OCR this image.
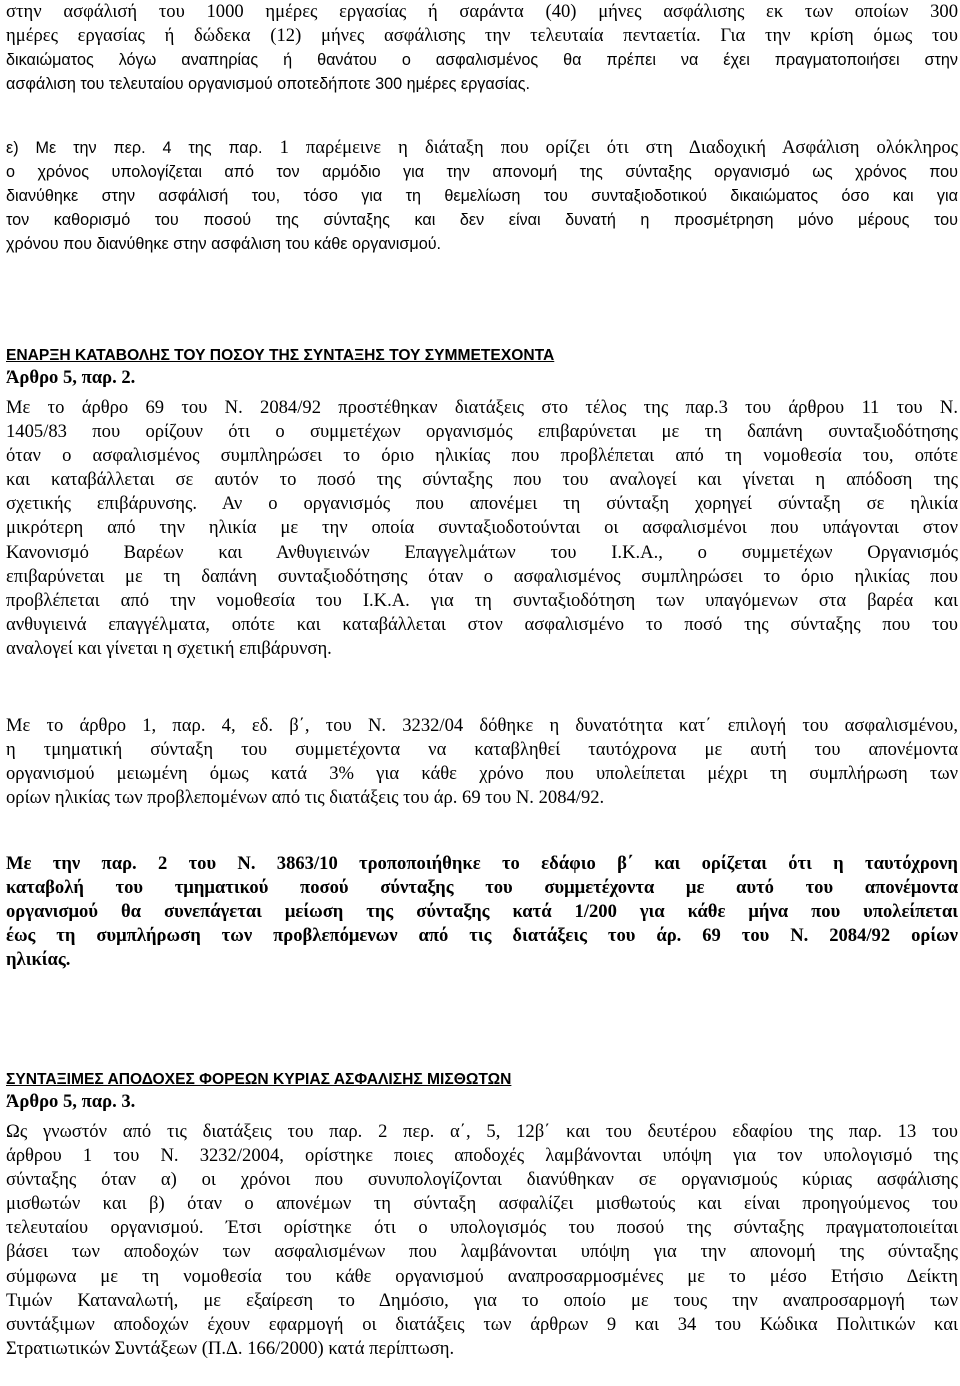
στην ασφάλισή του 1000 ημέρες εργασίας ή σαράντα (40) μήνες ασφάλισης εκ των οποίων 300
ημέρες εργασίας ή δώδεκα (12) μήνες ασφάλισης την τελευταία πενταετία. Για την κρίση όμως του
δικαιώματος λόγω αναπηρίας ή θανάτου ο ασφαλισμένος θα πρέπει να έχει πραγματοποιήσει στην
ασφάλιση του τελευταίου οργανισμού οποτεδήποτε 300 ημέρες εργασίας.
ε) Με την περ. 4 της παρ. 1 παρέμεινε η διάταξη που ορίζει ότι στη Διαδοχική Ασφάλιση ολόκληρος
ο χρόνος υπολογίζεται από τον αρμόδιο για την απονομή της σύνταξης οργανισμό ως χρόνος που
διανύθηκε στην ασφάλισή του, τόσο για τη θεμελίωση του συνταξιοδοτικού δικαιώματος όσο και για
τον καθορισμό του ποσού της σύνταξης και δεν είναι δυνατή η προσμέτρηση μόνο μέρους του
χρόνου που διανύθηκε στην ασφάλιση του κάθε οργανισμού.
ΕΝΑΡΞΗ ΚΑΤΑΒΟΛΗΣ ΤΟΥ ΠΟΣΟΥ ΤΗΣ ΣΥΝΤΑΞΗΣ ΤΟΥ ΣΥΜΜΕΤΕΧΟΝΤΑ
Άρθρο 5, παρ. 2.
Με το άρθρο 69 του Ν. 2084/92 προστέθηκαν διατάξεις στο τέλος της παρ.3 του άρθρου 11 του Ν.
1405/83 που ορίζουν ότι ο συμμετέχων οργανισμός επιβαρύνεται με τη δαπάνη συνταξιοδότησης
όταν ο ασφαλισμένος συμπληρώσει το όριο ηλικίας που προβλέπεται από τη νομοθεσία του, οπότε
και καταβάλλεται σε αυτόν το ποσό της σύνταξης που του αναλογεί και γίνεται η απόδοση της
σχετικής επιβάρυνσης. Αν ο οργανισμός που απονέμει τη σύνταξη χορηγεί σύνταξη σε ηλικία
μικρότερη από την ηλικία με την οποία συνταξιοδοτούνται οι ασφαλισμένοι που υπάγονται στον
Κανονισμό Βαρέων και Ανθυγιεινών Επαγγελμάτων του Ι.Κ.Α., ο συμμετέχων Οργανισμός
επιβαρύνεται με τη δαπάνη συνταξιοδότησης όταν ο ασφαλισμένος συμπληρώσει το όριο ηλικίας που
προβλέπεται από την νομοθεσία του Ι.Κ.Α. για τη συνταξιοδότηση των υπαγόμενων στα βαρέα και
ανθυγιεινά επαγγέλματα, οπότε και καταβάλλεται στον ασφαλισμένο το ποσό της σύνταξης που του
αναλογεί και γίνεται η σχετική επιβάρυνση.
Με το άρθρο 1, παρ. 4, εδ. β΄, του Ν. 3232/04 δόθηκε η δυνατότητα κατ΄ επιλογή του ασφαλισμένου,
η τμηματική σύνταξη του συμμετέχοντα να καταβληθεί ταυτόχρονα με αυτή του απονέμοντα
οργανισμού μειωμένη όμως κατά 3% για κάθε χρόνο που υπολείπεται μέχρι τη συμπλήρωση των
ορίων ηλικίας των προβλεπομένων από τις διατάξεις του άρ. 69 του Ν. 2084/92.
Με την παρ. 2 του Ν. 3863/10 τροποποιήθηκε το εδάφιο β΄ και ορίζεται ότι η ταυτόχρονη
καταβολή του τμηματικού ποσού σύνταξης του συμμετέχοντα με αυτό του απονέμοντα
οργανισμού θα συνεπάγεται μείωση της σύνταξης κατά 1/200 για κάθε μήνα που υπολείπεται
έως τη συμπλήρωση των προβλεπόμενων από τις διατάξεις του άρ. 69 του Ν. 2084/92 ορίων
ηλικίας.
ΣΥΝΤΑΞΙΜΕΣ ΑΠΟΔΟΧΕΣ ΦΟΡΕΩΝ ΚΥΡΙΑΣ ΑΣΦΑΛΙΣΗΣ ΜΙΣΘΩΤΩΝ
Άρθρο 5, παρ. 3.
Ως γνωστόν από τις διατάξεις του παρ. 2 περ. α΄, 5, 12β΄ και του δευτέρου εδαφίου της παρ. 13 του
άρθρου 1 του Ν. 3232/2004, ορίστηκε ποιες αποδοχές λαμβάνονται υπόψη για τον υπολογισμό της
σύνταξης όταν α) οι χρόνοι που συνυπολογίζονται διανύθηκαν σε οργανισμούς κύριας ασφάλισης
μισθωτών και β) όταν ο απονέμων τη σύνταξη ασφαλίζει μισθωτούς και είναι προηγούμενος του
τελευταίου οργανισμού. Έτσι ορίστηκε ότι ο υπολογισμός του ποσού της σύνταξης πραγματοποιείται
βάσει των αποδοχών των ασφαλισμένων που λαμβάνονται υπόψη για την απονομή της σύνταξης
σύμφωνα με τη νομοθεσία του κάθε οργανισμού αναπροσαρμοσμένες με το μέσο Ετήσιο Δείκτη
Τιμών Καταναλωτή, με εξαίρεση το Δημόσιο, για το οποίο με τους την αναπροσαρμογή των
συντάξιμων αποδοχών έχουν εφαρμογή οι διατάξεις των άρθρων 9 και 34 του Κώδικα Πολιτικών και
Στρατιωτικών Συντάξεων (Π.Δ. 166/2000) κατά περίπτωση.
